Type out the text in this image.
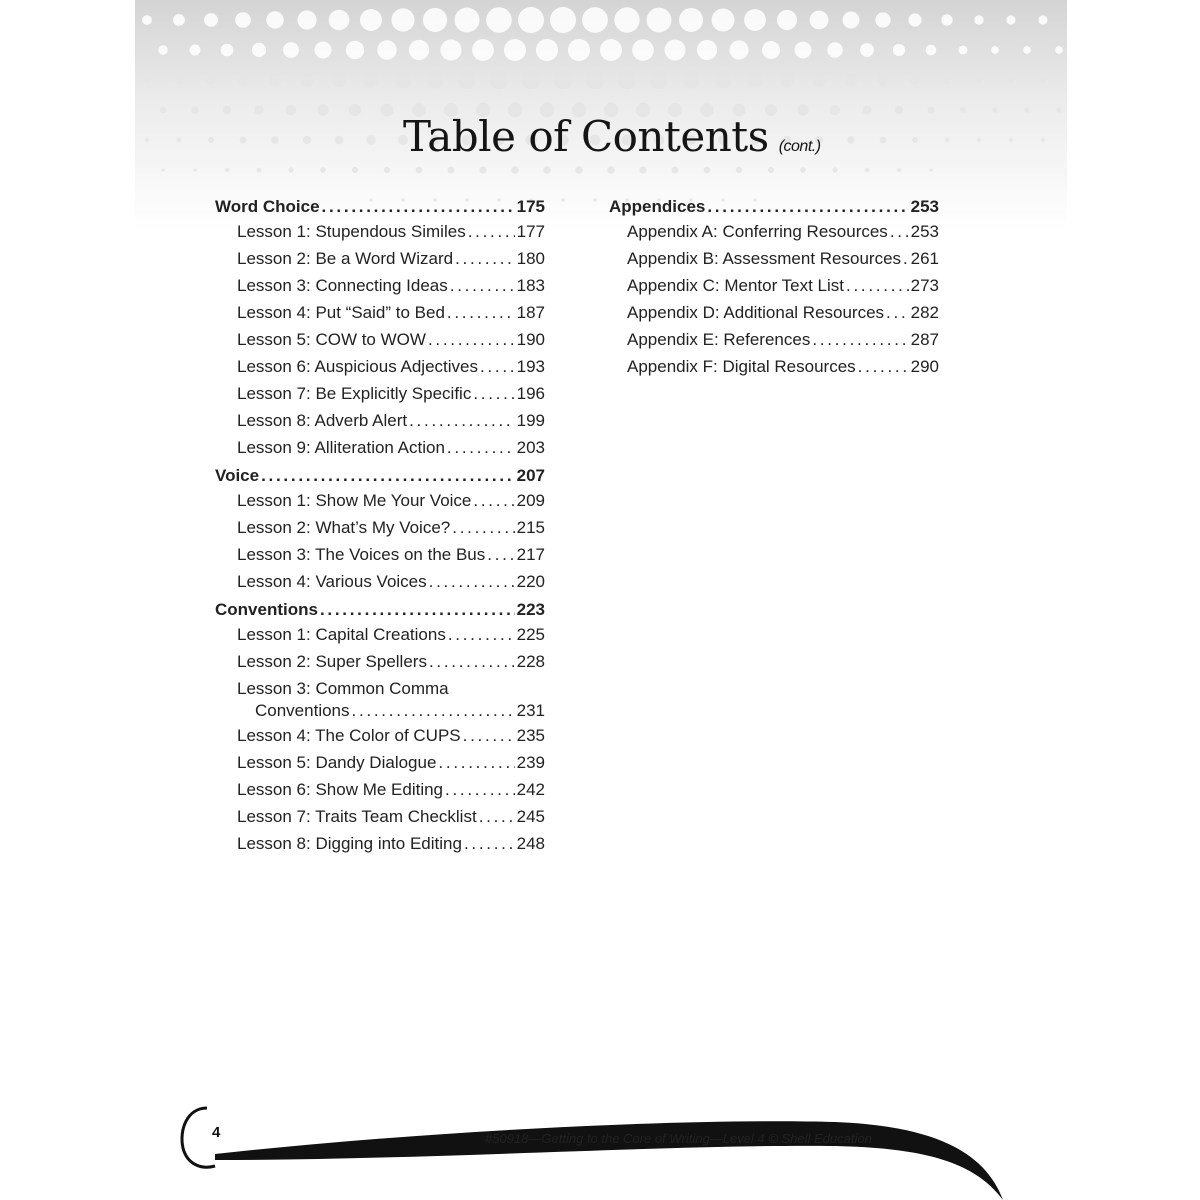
Table of Contents (cont.)
Word Choice . . .	175
Lesson 1: Stupendous Similes . . .	177
Lesson 2: Be a Word Wizard . . .	180
Lesson 3: Connecting Ideas . . .	183
Lesson 4: Put “Said” to Bed . . .	187
Lesson 5: COW to WOW . . .	190
Lesson 6: Auspicious Adjectives . . . 193
Lesson 7: Be Explicitly Specific . . .	196
Lesson 8: Adverb Alert . . .	199
Lesson 9: Alliteration Action . . .	203
Voice . . .	207
Lesson 1: Show Me Your Voice . . .	209
Lesson 2: What’s My Voice? . . .	215
Lesson 3: The Voices on the Bus . . . 217
Lesson 4: Various Voices . . .	220
Conventions . . .	223
Lesson 1: Capital Creations . . .	225
Lesson 2: Super Spellers . . .	228
Lesson 3: Common Comma
Conventions . . .	231
Lesson 4: The Color of CUPS . . .	235
Lesson 5: Dandy Dialogue . . .	239
Lesson 6: Show Me Editing . . .	242
Lesson 7: Traits Team Checklist . . . 245
Lesson 8: Digging into Editing . . .	248
Appendices . . .	253
Appendix A: Conferring Resources . . . 253
Appendix B: Assessment Resources . . . 261
Appendix C: Mentor Text List . . .	273
Appendix D: Additional Resources . . . 282
Appendix E: References . . .	287
Appendix F: Digital Resources . . .	290
4	#50918—Getting to the Core of Writing—Level 4 © Shell Education
